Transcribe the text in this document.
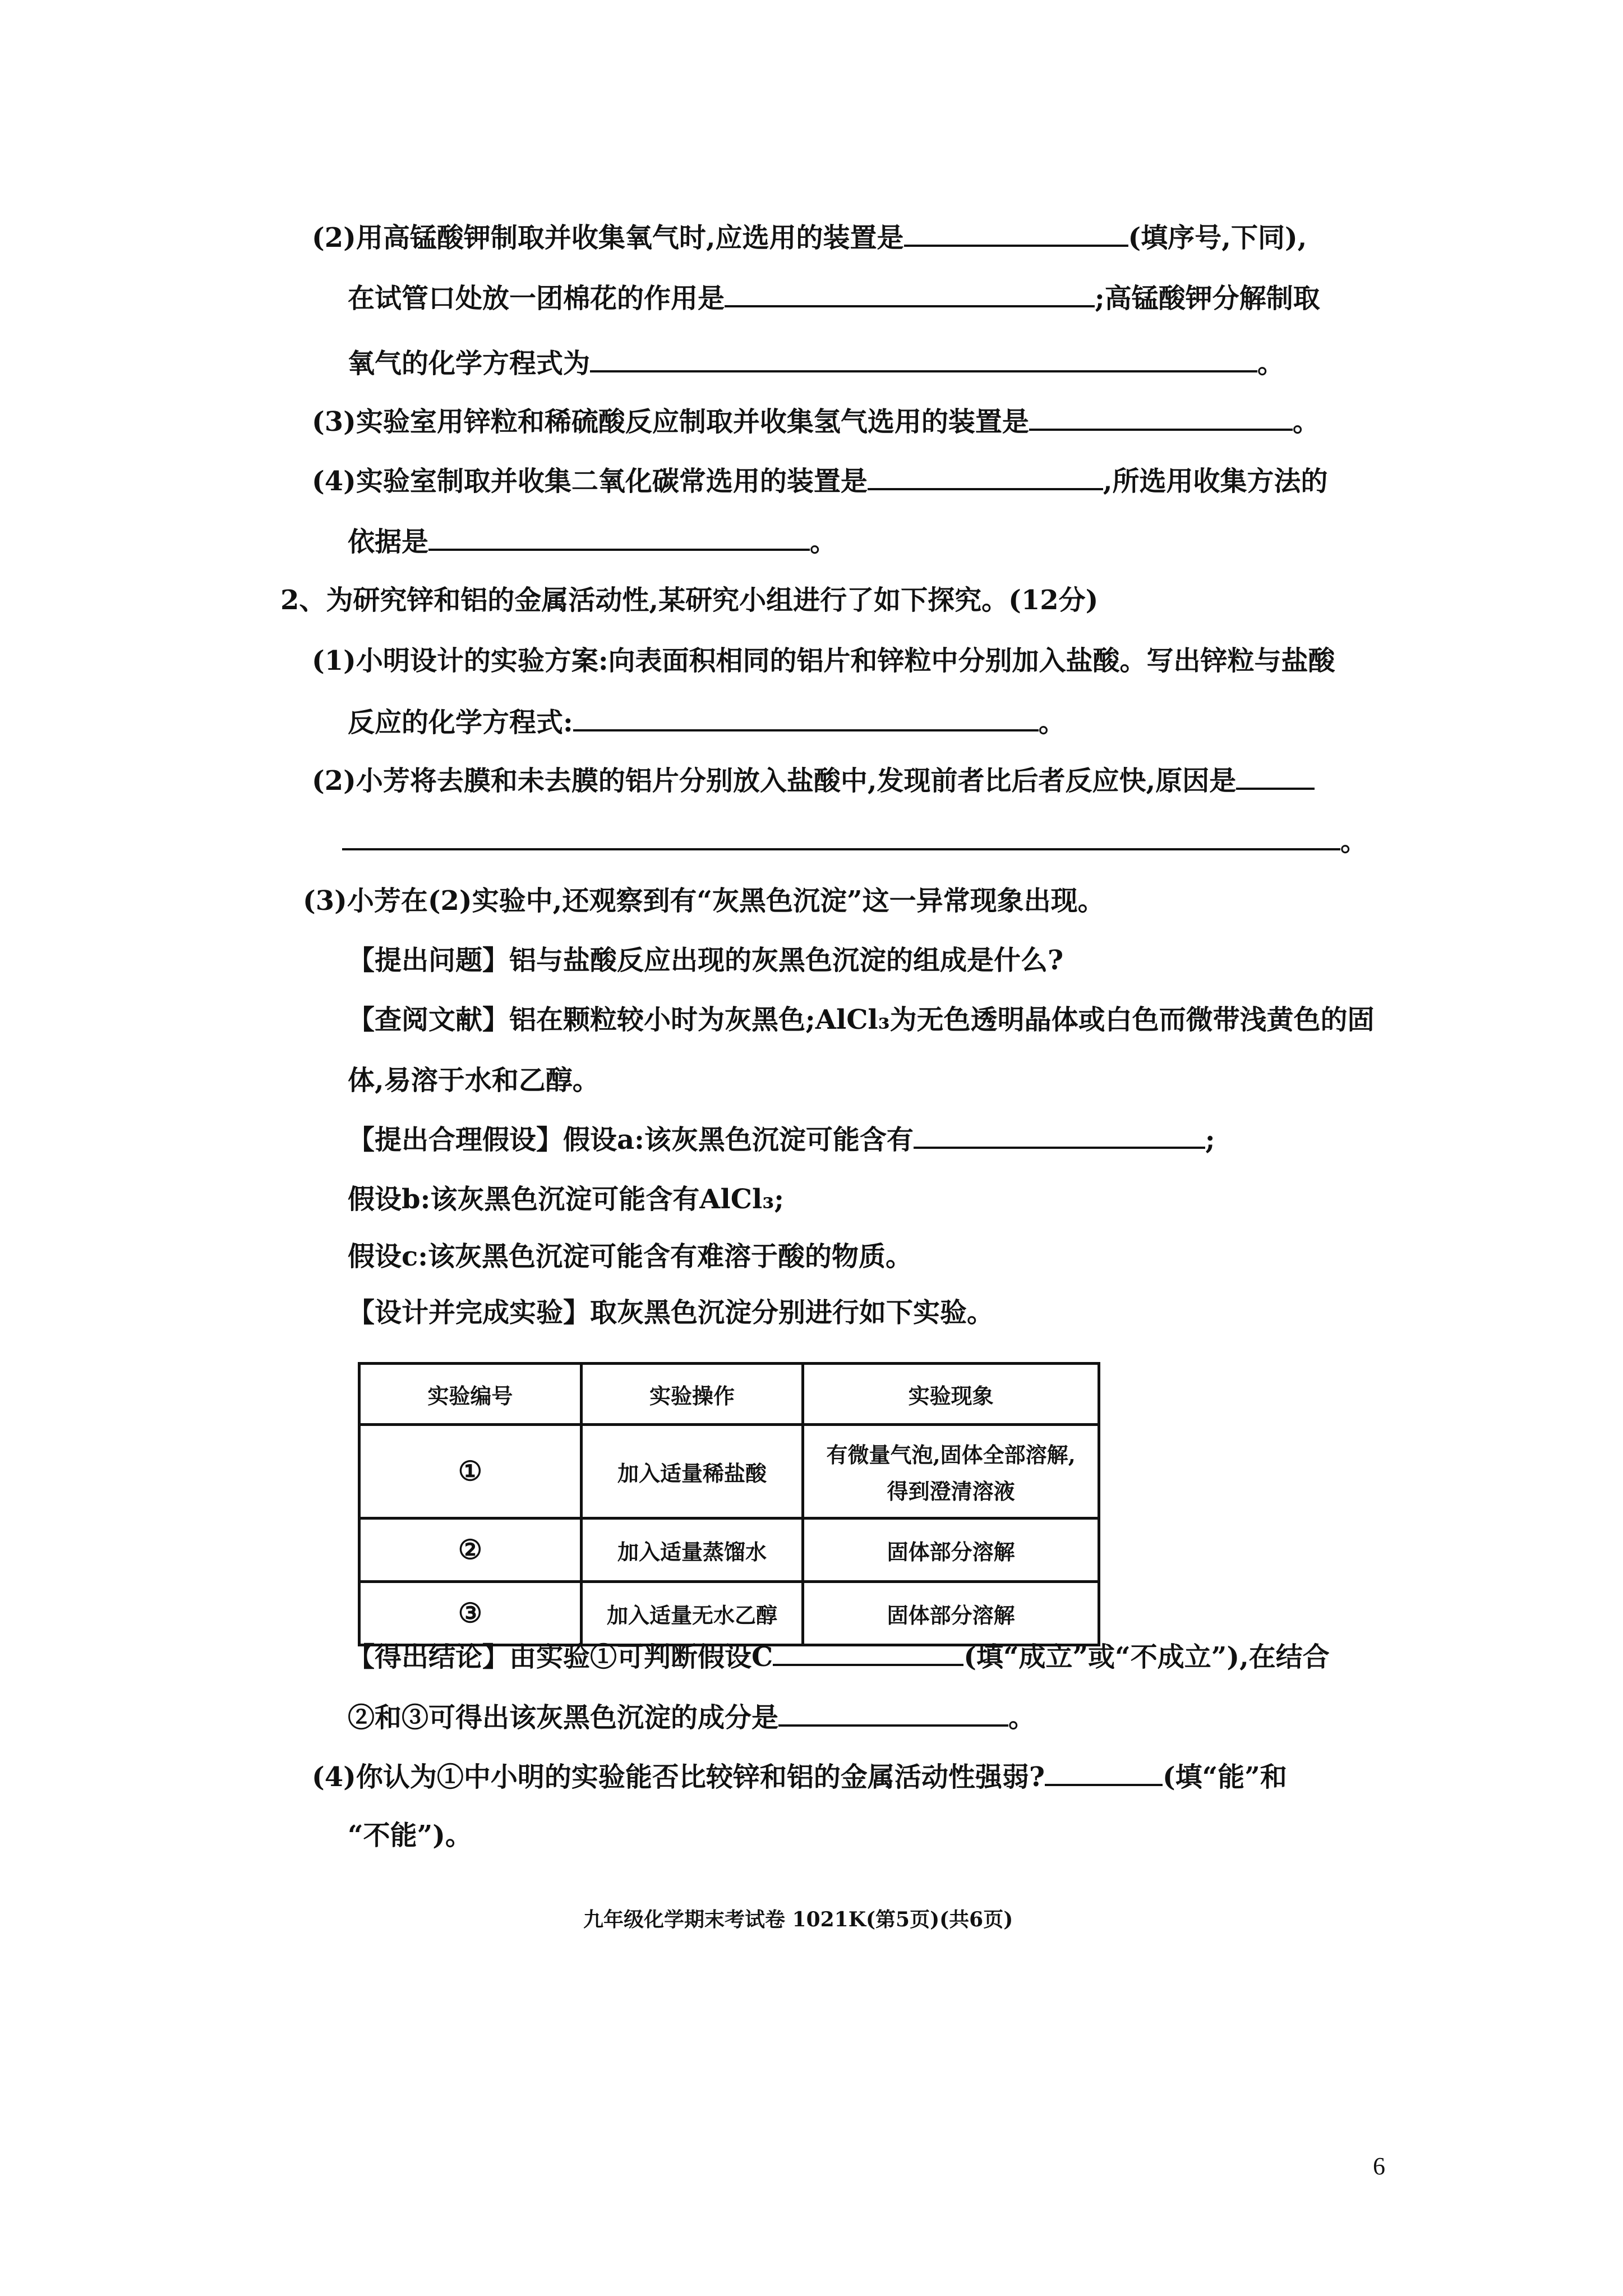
(2)用高锰酸钾制取并收集氧气时,应选用的装置是	(填序号,下同),
在试管口处放一团棉花的作用是	;高锰酸钾分解制取
氧气的化学方程式为	。
(3)实验室用锌粒和稀硫酸反应制取并收集氢气选用的装置是	。
(4)实验室制取并收集二氧化碳常选用的装置是	,所选用收集方法的
依据是	。
2、为研究锌和铝的金属活动性,某研究小组进行了如下探究。(12分)
(1)小明设计的实验方案:向表面积相同的铝片和锌粒中分别加入盐酸。写出锌粒与盐酸
反应的化学方程式:	。
(2)小芳将去膜和未去膜的铝片分别放入盐酸中,发现前者比后者反应快,原因是
。
(3)小芳在(2)实验中,还观察到有“灰黑色沉淀”这一异常现象出现。
【提出问题】铝与盐酸反应出现的灰黑色沉淀的组成是什么?
【查阅文献】铝在颗粒较小时为灰黑色;AlCl₃为无色透明晶体或白色而微带浅黄色的固
体,易溶于水和乙醇。
【提出合理假设】假设a:该灰黑色沉淀可能含有	;
假设b:该灰黑色沉淀可能含有AlCl₃;
假设c:该灰黑色沉淀可能含有难溶于酸的物质。
【设计并完成实验】取灰黑色沉淀分别进行如下实验。
实验编号	实验操作	实验现象
①	加入适量稀盐酸	有微量气泡,固体全部溶解,
得到澄清溶液

②	加入适量蒸馏水	固体部分溶解
③	加入适量无水乙醇	固体部分溶解
【得出结论】由实验①可判断假设C	(填“成立”或“不成立”),在结合
②和③可得出该灰黑色沉淀的成分是	。
(4)你认为①中小明的实验能否比较锌和铝的金属活动性强弱?	(填“能”和
“不能”)。
九年级化学期末考试卷 1021K(第5页)(共6页)
6
